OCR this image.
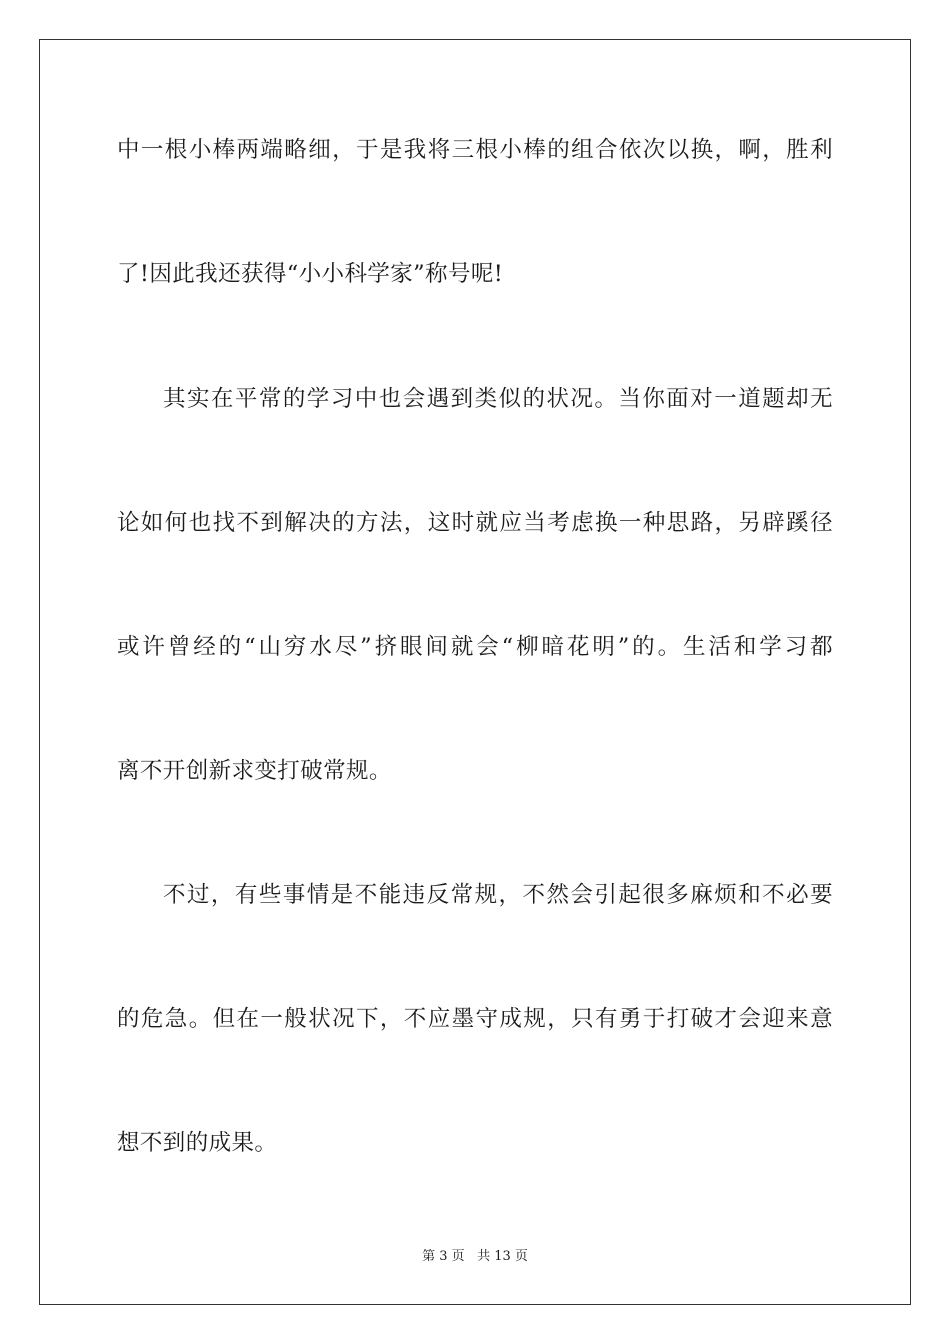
中一根小棒两端略细，于是我将三根小棒的组合依次以换，啊，胜利
了!因此我还获得“小小科学家”称号呢!
其实在平常的学习中也会遇到类似的状况。当你面对一道题却无
论如何也找不到解决的方法，这时就应当考虑换一种思路，另辟蹊径
或许曾经的“山穷水尽”挤眼间就会“柳暗花明”的。生活和学习都
离不开创新求变打破常规。
不过，有些事情是不能违反常规，不然会引起很多麻烦和不必要
的危急。但在一般状况下，不应墨守成规，只有勇于打破才会迎来意
想不到的成果。
第 3 页 共 13 页
